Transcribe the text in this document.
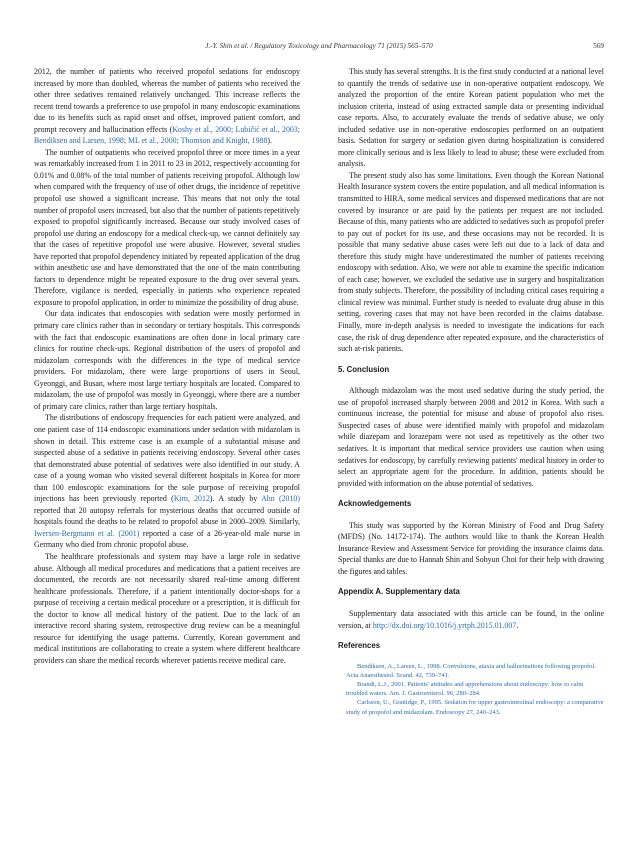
J.-Y. Shin et al. / Regulatory Toxicology and Pharmacology 71 (2015) 565–570	569

2012, the number of patients who received propofol sedations for endoscopy increased by more than doubled, whereas the number of patients who received the other three sedatives remained relatively unchanged. This increase reflects the recent trend towards a preference to use propofol in many endoscopic examinations due to its benefits such as rapid onset and offset, improved patient comfort, and prompt recovery and hallucination effects (Koshy et al., 2000; Lubičić et al., 2003; Bendiksen and Larsen, 1998; ML et al., 2000; Thomson and Knight, 1988).

The number of outpatients who received propofol three or more times in a year was remarkably increased from 1 in 2011 to 23 in 2012, respectively accounting for 0.01% and 0.08% of the total number of patients receiving propofol. Although low when compared with the frequency of use of other drugs, the incidence of repetitive propofol use showed a significant increase. This means that not only the total number of propofol users increased, but also that the number of patients repetitively exposed to propofol significantly increased. Because our study involved cases of propofol use during an endoscopy for a medical check-up, we cannot definitely say that the cases of repetitive propofol use were abusive. However, several studies have reported that propofol dependency initiated by repeated application of the drug within anesthetic use and have demonstrated that the one of the main contributing factors to dependence might be repeated exposure to the drug over several years. Therefore, vigilance is needed, especially in patients who experience repeated exposure to propofol application, in order to minimize the possibility of drug abuse.

Our data indicates that endoscopies with sedation were mostly performed in primary care clinics rather than in secondary or tertiary hospitals. This corresponds with the fact that endoscopic examinations are often done in local primary care clinics for routine check-ups. Regional distribution of the users of propofol and midazolam corresponds with the differences in the type of medical service providers. For midazolam, there were large proportions of users in Seoul, Gyeonggi, and Busan, where most large tertiary hospitals are located. Compared to midazolam, the use of propofol was mostly in Gyeonggi, where there are a number of primary care clinics, rather than large tertiary hospitals.

The distributions of endoscopy frequencies for each patient were analyzed, and one patient case of 114 endoscopic examinations under sedation with midazolam is shown in detail. This extreme case is an example of a substantial misuse and suspected abuse of a sedative in patients receiving endoscopy. Several other cases that demonstrated abuse potential of sedatives were also identified in our study. A case of a young woman who visited several different hospitals in Korea for more than 100 endoscopic examinations for the sole purpose of receiving propofol injections has been previously reported (Kim, 2012). A study by Ahn (2010) reported that 20 autopsy referrals for mysterious deaths that occurred outside of hospitals found the deaths to be related to propofol abuse in 2000–2009. Similarly, Iwersen-Bergmann et al. (2001) reported a case of a 26-year-old male nurse in Germany who died from chronic propofol abuse.

The healthcare professionals and system may have a large role in sedative abuse. Although all medical procedures and medications that a patient receives are documented, the records are not necessarily shared real-time among different healthcare professionals. Therefore, if a patient intentionally doctor-shops for a purpose of receiving a certain medical procedure or a prescription, it is difficult for the doctor to know all medical history of the patient. Due to the lack of an interactive record sharing system, retrospective drug review can be a meaningful resource for identifying the usage patterns. Currently, Korean government and medical institutions are collaborating to create a system where different healthcare providers can share the medical records wherever patients receive medical care.

This study has several strengths. It is the first study conducted at a national level to quantify the trends of sedative use in non-operative outpatient endoscopy. We analyzed the proportion of the entire Korean patient population who met the inclusion criteria, instead of using extracted sample data or presenting individual case reports. Also, to accurately evaluate the trends of sedative abuse, we only included sedative use in non-operative endoscopies performed on an outpatient basis. Sedation for surgery or sedation given during hospitalization is considered more clinically serious and is less likely to lead to abuse; these were excluded from analysis.

The present study also has some limitations. Even though the Korean National Health Insurance system covers the entire population, and all medical information is transmitted to HIRA, some medical services and dispensed medications that are not covered by insurance or are paid by the patients per request are not included. Because of this, many patients who are addicted to sedatives such as propofol prefer to pay out of pocket for its use, and these occasions may not be recorded. It is possible that many sedative abuse cases were left out due to a lack of data and therefore this study might have underestimated the number of patients receiving endoscopy with sedation. Also, we were not able to examine the specific indication of each case; however, we excluded the sedative use in surgery and hospitalization from study subjects. Therefore, the possibility of including critical cases requiring a clinical review was minimal. Further study is needed to evaluate drug abuse in this setting, covering cases that may not have been recorded in the claims database. Finally, more in-depth analysis is needed to investigate the indications for each case, the risk of drug dependence after repeated exposure, and the characteristics of such at-risk patients.

5. Conclusion

Although midazolam was the most used sedative during the study period, the use of propofol increased sharply between 2008 and 2012 in Korea. With such a continuous increase, the potential for misuse and abuse of propofol also rises. Suspected cases of abuse were identified mainly with propofol and midazolam while diazepam and lorazepam were not used as repetitively as the other two sedatives. It is important that medical service providers use caution when using sedatives for endoscopy, by carefully reviewing patients' medical history in order to select an appropriate agent for the procedure. In addition, patients should be provided with information on the abuse potential of sedatives.

Acknowledgements

This study was supported by the Korean Ministry of Food and Drug Safety (MFDS) (No. 14172-174). The authors would like to thank the Korean Health Insurance Review and Assessment Service for providing the insurance claims data. Special thanks are due to Hannah Shin and Sohyun Choi for their help with drawing the figures and tables.

Appendix A. Supplementary data

Supplementary data associated with this article can be found, in the online version, at http://dx.doi.org/10.1016/j.yrtph.2015.01.007.

References

Bendiksen, A., Larsen, L., 1998. Convulsions, ataxia and hallucinations following propofol. Acta Anaesthesiol. Scand. 42, 739–741.

Brandt, L.J., 2001. Patients' attitudes and apprehensions about endoscopy: how to calm troubled waters. Am. J. Gastroenterol. 96, 280–284.

Carlsson, U., Grattidge, P., 1995. Sedation for upper gastrointestinal endoscopy: a comparative study of propofol and midazolam. Endoscopy 27, 240–243.
